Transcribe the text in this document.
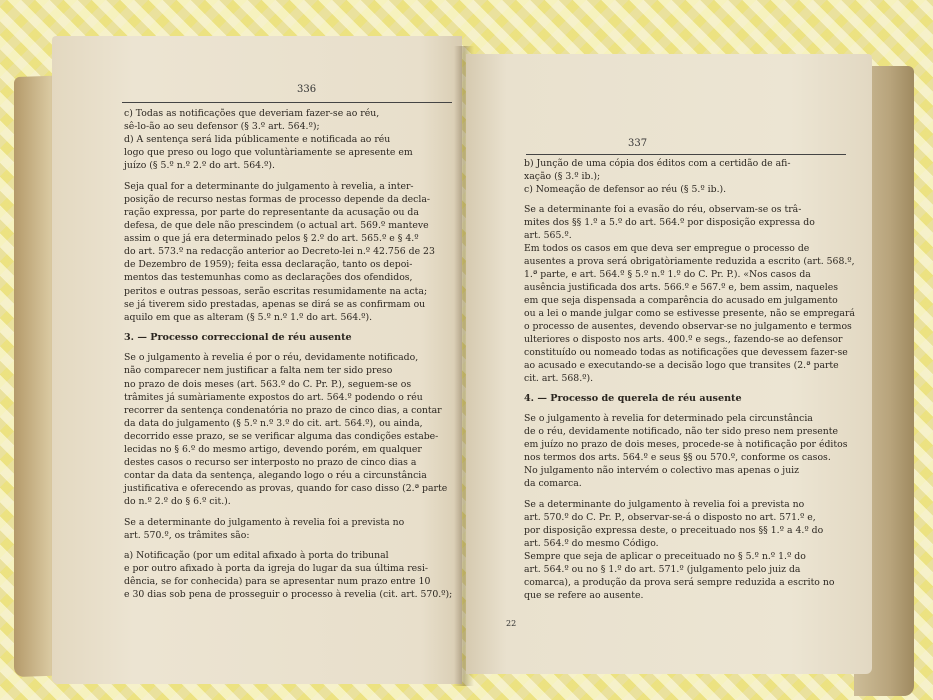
336
c) Todas as notificações que deveriam fazer-se ao réu,
sê-lo-ão ao seu defensor (§ 3.º art. 564.º);
d) A sentença será lida públicamente e notificada ao réu
logo que preso ou logo que voluntàriamente se apresente em
juízo (§ 5.º n.º 2.º do art. 564.º).
Seja qual for a determinante do julgamento à revelia, a inter-
posição de recurso nestas formas de processo depende da decla-
ração expressa, por parte do representante da acusação ou da
defesa, de que dele não prescindem (o actual art. 569.º manteve
assim o que já era determinado pelos § 2.º do art. 565.º e § 4.º
do art. 573.º na redacção anterior ao Decreto-lei n.º 42.756 de 23
de Dezembro de 1959); feita essa declaração, tanto os depoi-
mentos das testemunhas como as declarações dos ofendidos,
peritos e outras pessoas, serão escritas resumidamente na acta;
se já tiverem sido prestadas, apenas se dirá se as confirmam ou
aquilo em que as alteram (§ 5.º n.º 1.º do art. 564.º).
3. — Processo correccional de réu ausente
Se o julgamento à revelia é por o réu, devidamente notificado,
não comparecer nem justificar a falta nem ter sido preso
no prazo de dois meses (art. 563.º do C. Pr. P.), seguem-se os
trâmites já sumàriamente expostos do art. 564.º podendo o réu
recorrer da sentença condenatória no prazo de cinco dias, a contar
da data do julgamento (§ 5.º n.º 3.º do cit. art. 564.º), ou ainda,
decorrido esse prazo, se se verificar alguma das condições estabe-
lecidas no § 6.º do mesmo artigo, devendo porém, em qualquer
destes casos o recurso ser interposto no prazo de cinco dias a
contar da data da sentença, alegando logo o réu a circunstância
justificativa e oferecendo as provas, quando for caso disso (2.ª parte
do n.º 2.º do § 6.º cit.).
Se a determinante do julgamento à revelia foi a prevista no
art. 570.º, os trâmites são:
a) Notificação (por um edital afixado à porta do tribunal
e por outro afixado à porta da igreja do lugar da sua última resi-
dência, se for conhecida) para se apresentar num prazo entre 10
e 30 dias sob pena de prosseguir o processo à revelia (cit. art. 570.º);
337
b) Junção de uma cópia dos éditos com a certidão de afi-
xação (§ 3.º ib.);
c) Nomeação de defensor ao réu (§ 5.º ib.).
Se a determinante foi a evasão do réu, observam-se os trâ-
mites dos §§ 1.º a 5.º do art. 564.º por disposição expressa do
art. 565.º.
Em todos os casos em que deva ser empregue o processo de
ausentes a prova será obrigatòriamente reduzida a escrito (art. 568.º,
1.ª parte, e art. 564.º § 5.º n.º 1.º do C. Pr. P.). «Nos casos da
ausência justificada dos arts. 566.º e 567.º e, bem assim, naqueles
em que seja dispensada a comparência do acusado em julgamento
ou a lei o mande julgar como se estivesse presente, não se empregará
o processo de ausentes, devendo observar-se no julgamento e termos
ulteriores o disposto nos arts. 400.º e segs., fazendo-se ao defensor
constituído ou nomeado todas as notificações que devessem fazer-se
ao acusado e executando-se a decisão logo que transites (2.ª parte
cit. art. 568.º).
4. — Processo de querela de réu ausente
Se o julgamento à revelia for determinado pela circunstância
de o réu, devidamente notificado, não ter sido preso nem presente
em juízo no prazo de dois meses, procede-se à notificação por éditos
nos termos dos arts. 564.º e seus §§ ou 570.º, conforme os casos.
No julgamento não intervém o colectivo mas apenas o juiz
da comarca.
Se a determinante do julgamento à revelia foi a prevista no
art. 570.º do C. Pr. P., observar-se-á o disposto no art. 571.º e,
por disposição expressa deste, o preceituado nos §§ 1.º a 4.º do
art. 564.º do mesmo Código.
Sempre que seja de aplicar o preceituado no § 5.º n.º 1.º do
art. 564.º ou no § 1.º do art. 571.º (julgamento pelo juiz da
comarca), a produção da prova será sempre reduzida a escrito no
que se refere ao ausente.
22
